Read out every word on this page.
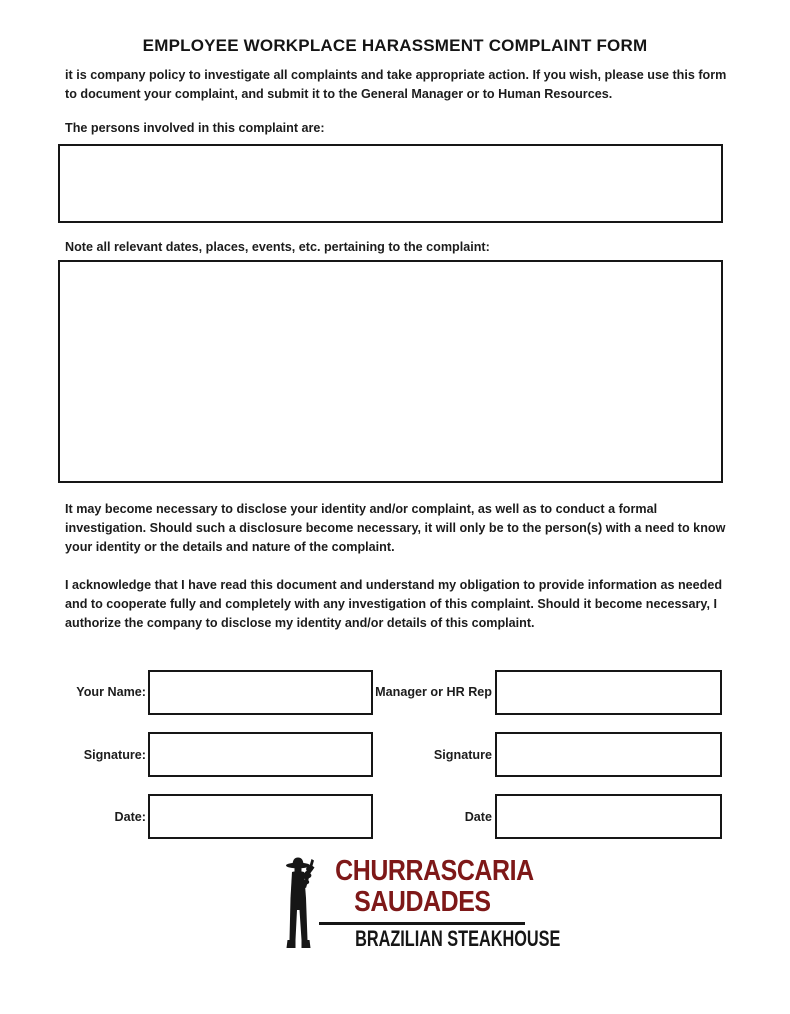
EMPLOYEE WORKPLACE HARASSMENT COMPLAINT FORM

it is company policy to investigate all complaints and take appropriate action. If you wish, please use this form to document your complaint, and submit it to the General Manager or to Human Resources.

The persons involved in this complaint are:
Note all relevant dates, places, events, etc. pertaining to the complaint:

It may become necessary to disclose your identity and/or complaint, as well as to conduct a formal investigation. Should such a disclosure become necessary, it will only be to the person(s) with a need to know your identity or the details and nature of the complaint.

I acknowledge that I have read this document and understand my obligation to provide information as needed and to cooperate fully and completely with any investigation of this complaint. Should it become necessary, I authorize the company to disclose my identity and/or details of this complaint.

Your Name:	Manager or HR Rep
Signature:	Signature
Date:	Date
CHURRASCARIA
SAUDADES
BRAZILIAN STEAKHOUSE
